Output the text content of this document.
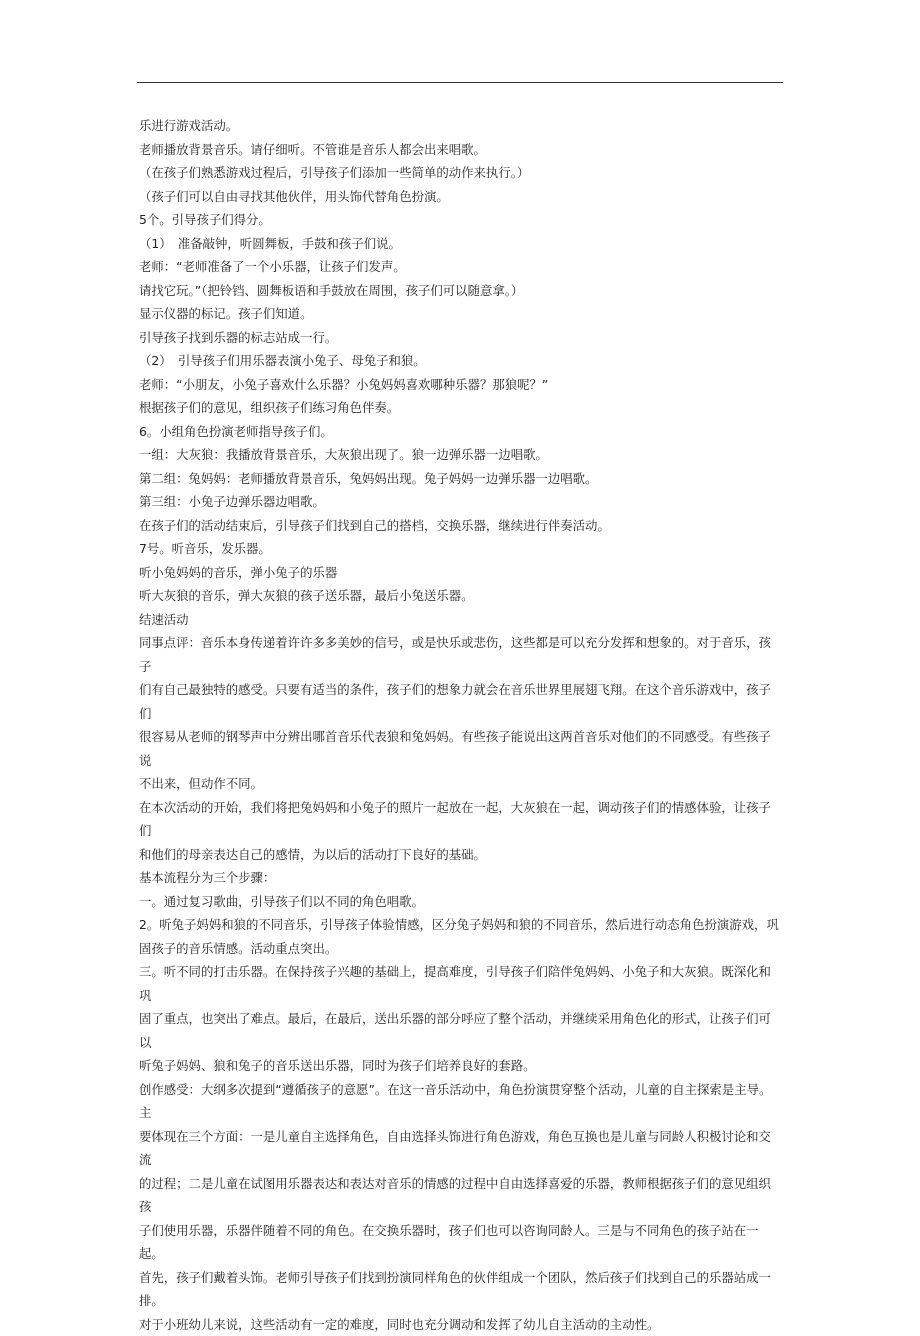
乐进行游戏活动。

老师播放背景音乐。请仔细听。不管谁是音乐人都会出来唱歌。

（在孩子们熟悉游戏过程后，引导孩子们添加一些简单的动作来执行。）

（孩子们可以自由寻找其他伙伴，用头饰代替角色扮演。

5个。引导孩子们得分。

（1）　准备敲钟，听圆舞板，手鼓和孩子们说。

老师：“老师准备了一个小乐器，让孩子们发声。

请找它玩。”（把铃铛、圆舞板语和手鼓放在周围，孩子们可以随意拿。）

显示仪器的标记。孩子们知道。

引导孩子找到乐器的标志站成一行。

（2）　引导孩子们用乐器表演小兔子、母兔子和狼。

老师：“小朋友，小兔子喜欢什么乐器？小兔妈妈喜欢哪种乐器？那狼呢？”

根据孩子们的意见，组织孩子们练习角色伴奏。

6。小组角色扮演老师指导孩子们。

一组：大灰狼：我播放背景音乐，大灰狼出现了。狼一边弹乐器一边唱歌。

第二组：兔妈妈：老师播放背景音乐，兔妈妈出现。兔子妈妈一边弹乐器一边唱歌。

第三组：小兔子边弹乐器边唱歌。

在孩子们的活动结束后，引导孩子们找到自己的搭档，交换乐器，继续进行伴奏活动。

7号。听音乐，发乐器。

听小兔妈妈的音乐，弹小兔子的乐器

听大灰狼的音乐，弹大灰狼的孩子送乐器，最后小兔送乐器。

结速活动

同事点评：音乐本身传递着许许多多美妙的信号，或是快乐或悲伤，这些都是可以充分发挥和想象的。对于音乐，孩子

们有自己最独特的感受。只要有适当的条件，孩子们的想象力就会在音乐世界里展翅飞翔。在这个音乐游戏中，孩子们

很容易从老师的钢琴声中分辨出哪首音乐代表狼和兔妈妈。有些孩子能说出这两首音乐对他们的不同感受。有些孩子说

不出来，但动作不同。

在本次活动的开始，我们将把兔妈妈和小兔子的照片一起放在一起，大灰狼在一起，调动孩子们的情感体验，让孩子们

和他们的母亲表达自己的感情，为以后的活动打下良好的基础。

基本流程分为三个步骤：

一。通过复习歌曲，引导孩子们以不同的角色唱歌。

2。听兔子妈妈和狼的不同音乐，引导孩子体验情感，区分兔子妈妈和狼的不同音乐，然后进行动态角色扮演游戏，巩

固孩子的音乐情感。活动重点突出。

三。听不同的打击乐器。在保持孩子兴趣的基础上，提高难度，引导孩子们陪伴兔妈妈、小兔子和大灰狼。既深化和巩

固了重点，也突出了难点。最后，在最后，送出乐器的部分呼应了整个活动，并继续采用角色化的形式，让孩子们可以

听兔子妈妈、狼和兔子的音乐送出乐器，同时为孩子们培养良好的套路。

创作感受：大纲多次提到“遵循孩子的意愿”。在这一音乐活动中，角色扮演贯穿整个活动，儿童的自主探索是主导。主

要体现在三个方面：一是儿童自主选择角色，自由选择头饰进行角色游戏，角色互换也是儿童与同龄人积极讨论和交流

的过程；二是儿童在试图用乐器表达和表达对音乐的情感的过程中自由选择喜爱的乐器，教师根据孩子们的意见组织孩

子们使用乐器，乐器伴随着不同的角色。在交换乐器时，孩子们也可以咨询同龄人。三是与不同角色的孩子站在一起。

首先，孩子们戴着头饰。老师引导孩子们找到扮演同样角色的伙伴组成一个团队，然后孩子们找到自己的乐器站成一排。

对于小班幼儿来说，这些活动有一定的难度，同时也充分调动和发挥了幼儿自主活动的主动性。
